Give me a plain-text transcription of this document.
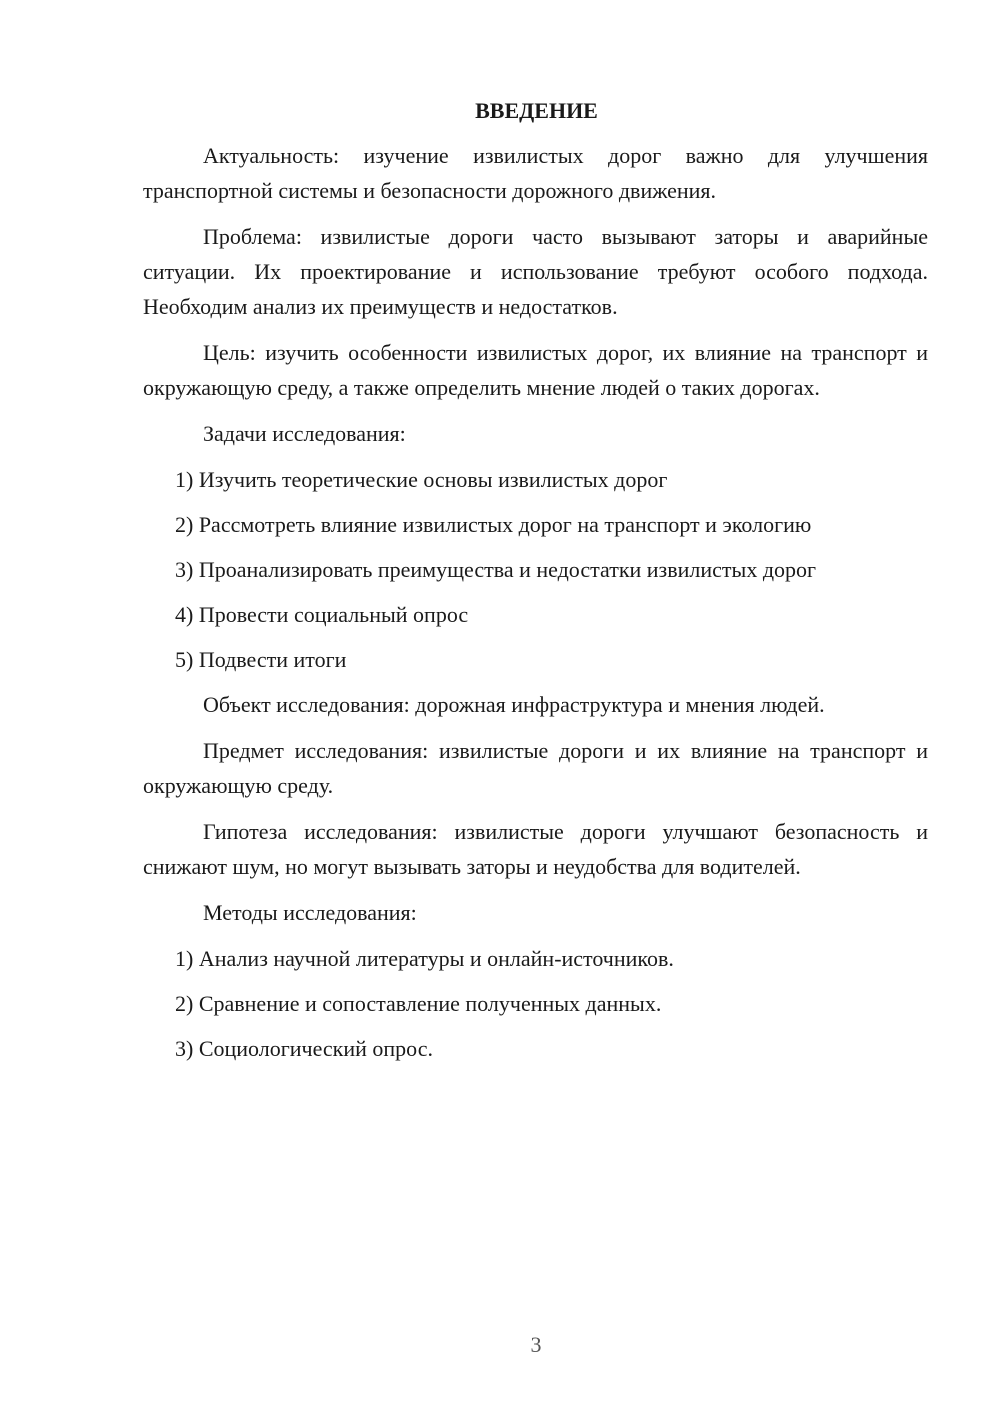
ВВЕДЕНИЕ

Актуальность: изучение извилистых дорог важно для улучшения транспортной системы и безопасности дорожного движения.

Проблема: извилистые дороги часто вызывают заторы и аварийные ситуации. Их проектирование и использование требуют особого подхода. Необходим анализ их преимуществ и недостатков.

Цель: изучить особенности извилистых дорог, их влияние на транспорт и окружающую среду, а также определить мнение людей о таких дорогах.

Задачи исследования:

1) Изучить теоретические основы извилистых дорог
2) Рассмотреть влияние извилистых дорог на транспорт и экологию
3) Проанализировать преимущества и недостатки извилистых дорог
4) Провести социальный опрос
5) Подвести итоги

Объект исследования: дорожная инфраструктура и мнения людей.

Предмет исследования: извилистые дороги и их влияние на транспорт и окружающую среду.

Гипотеза исследования: извилистые дороги улучшают безопасность и снижают шум, но могут вызывать заторы и неудобства для водителей.

Методы исследования:

1) Анализ научной литературы и онлайн-источников.
2) Сравнение и сопоставление полученных данных.
3) Социологический опрос.
3
